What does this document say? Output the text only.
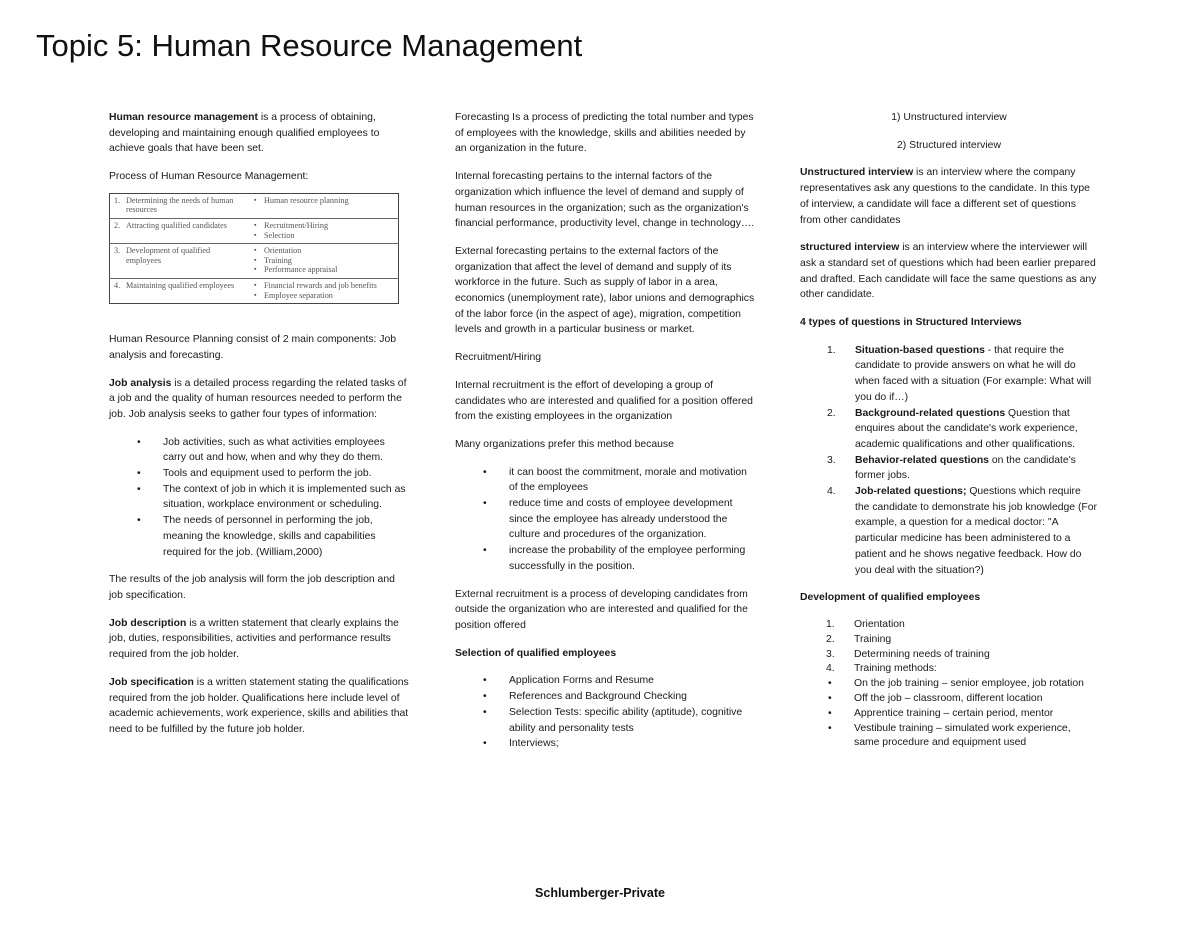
Topic 5: Human Resource Management

Human resource management is a process of obtaining, developing and maintaining enough qualified employees to achieve goals that have been set.

Process of Human Resource Management:

1. Determining the needs of human resources	▪ Human resource planning

2. Attracting qualified candidates	▪ Recruitment/Hiring
▪ Selection

3. Development of qualified employees	▪ Orientation
▪ Training
▪ Performance appraisal

4. Maintaining qualified employees	▪ Financial rewards and job benefits
▪ Employee separation

Human Resource Planning consist of 2 main components: Job analysis and forecasting.

Job analysis is a detailed process regarding the related tasks of a job and the quality of human resources needed to perform the job. Job analysis seeks to gather four types of information:

• Job activities, such as what activities employees carry out and how, when and why they do them.
• Tools and equipment used to perform the job.
• The context of job in which it is implemented such as situation, workplace environment or scheduling.
• The needs of personnel in performing the job, meaning the knowledge, skills and capabilities required for the job. (William,2000)

The results of the job analysis will form the job description and job specification.

Job description is a written statement that clearly explains the job, duties, responsibilities, activities and performance results required from the job holder.

Job specification is a written statement stating the qualifications required from the job holder. Qualifications here include level of academic achievements, work experience, skills and abilities that need to be fulfilled by the future job holder.

Forecasting Is a process of predicting the total number and types of employees with the knowledge, skills and abilities needed by an organization in the future.

Internal forecasting pertains to the internal factors of the organization which influence the level of demand and supply of human resources in the organization; such as the organization's financial performance, productivity level, change in technology….

External forecasting pertains to the external factors of the organization that affect the level of demand and supply of its workforce in the future. Such as supply of labor in a area, economics (unemployment rate), labor unions and demographics of the labor force (in the aspect of age), migration, competition levels and growth in a particular business or market.

Recruitment/Hiring

Internal recruitment is the effort of developing a group of candidates who are interested and qualified for a position offered from the existing employees in the organization

Many organizations prefer this method because

• it can boost the commitment, morale and motivation of the employees
• reduce time and costs of employee development since the employee has already understood the culture and procedures of the organization.
• increase the probability of the employee performing successfully in the position.

External recruitment is a process of developing candidates from outside the organization who are interested and qualified for the position offered

Selection of qualified employees

• Application Forms and Resume
• References and Background Checking
• Selection Tests: specific ability (aptitude), cognitive ability and personality tests
• Interviews;

1) Unstructured interview

2) Structured interview

Unstructured interview is an interview where the company representatives ask any questions to the candidate. In this type of interview, a candidate will face a different set of questions from other candidates

structured interview is an interview where the interviewer will ask a standard set of questions which had been earlier prepared and drafted. Each candidate will face the same questions as any other candidate.

4 types of questions in Structured Interviews

1. Situation-based questions - that require the candidate to provide answers on what he will do when faced with a situation (For example: What will you do if…)
2. Background-related questions Question that enquires about the candidate's work experience, academic qualifications and other qualifications.
3. Behavior-related questions on the candidate's former jobs.
4. Job-related questions; Questions which require the candidate to demonstrate his job knowledge (For example, a question for a medical doctor: "A particular medicine has been administered to a patient and he shows negative feedback. How do you deal with the situation?)

Development of qualified employees

1. Orientation
2. Training
3. Determining needs of training
4. Training methods:
• On the job training – senior employee, job rotation
• Off the job – classroom, different location
• Apprentice training – certain period, mentor
• Vestibule training – simulated work experience, same procedure and equipment used
Schlumberger-Private
